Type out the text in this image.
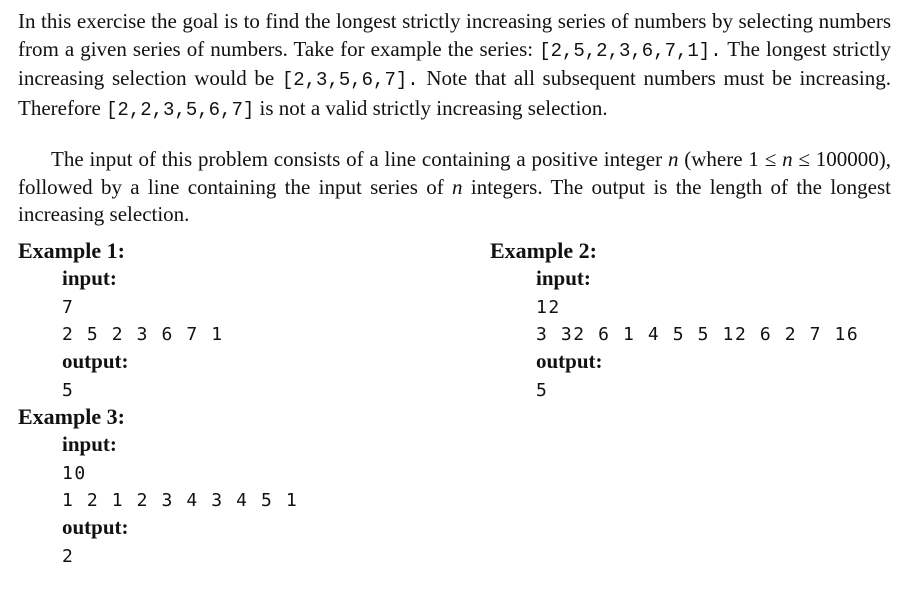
In this exercise the goal is to find the longest strictly increasing series of numbers by selecting numbers from a given series of numbers. Take for example the series: [2,5,2,3,6,7,1]. The longest strictly increasing selection would be [2,3,5,6,7]. Note that all subsequent numbers must be increasing. Therefore [2,2,3,5,6,7] is not a valid strictly increasing selection.

The input of this problem consists of a line containing a positive integer n (where 1 ≤ n ≤ 100000), followed by a line containing the input series of n integers. The output is the length of the longest increasing selection.

Example 1:
input:
7
2 5 2 3 6 7 1
output:
5
Example 2:
input:
12
3 32 6 1 4 5 5 12 6 2 7 16
output:
5
Example 3:
input:
10
1 2 1 2 3 4 3 4 5 1
output:
2
